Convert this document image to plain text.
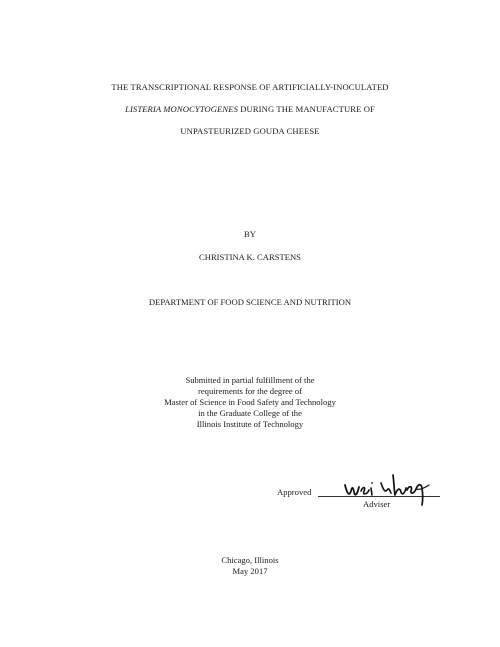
THE TRANSCRIPTIONAL RESPONSE OF ARTIFICIALLY-INOCULATED
LISTERIA MONOCYTOGENES DURING THE MANUFACTURE OF
UNPASTEURIZED GOUDA CHEESE
BY
CHRISTINA K. CARSTENS
DEPARTMENT OF FOOD SCIENCE AND NUTRITION
Submitted in partial fulfillment of the
requirements for the degree of
Master of Science in Food Safety and Technology
in the Graduate College of the
Illinois Institute of Technology
Approved
Adviser
Chicago, Illinois
May 2017
